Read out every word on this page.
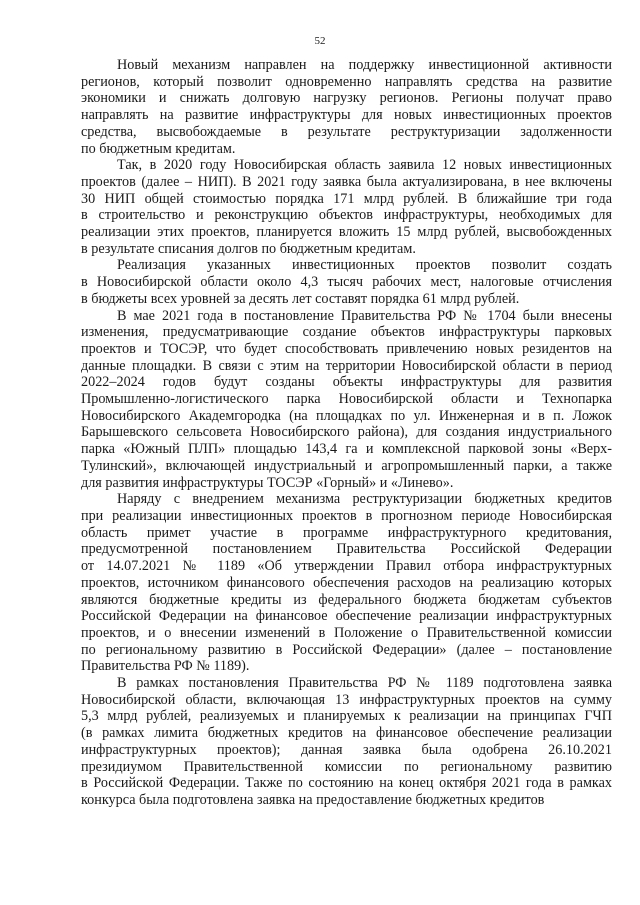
52
Новый механизм направлен на поддержку инвестиционной активности
регионов, который позволит одновременно направлять средства на развитие
экономики и снижать долговую нагрузку регионов. Регионы получат право
направлять на развитие инфраструктуры для новых инвестиционных проектов
средства, высвобождаемые в результате реструктуризации задолженности
по бюджетным кредитам.
Так, в 2020 году Новосибирская область заявила 12 новых инвестиционных
проектов (далее – НИП). В 2021 году заявка была актуализирована, в нее включены
30 НИП общей стоимостью порядка 171 млрд рублей. В ближайшие три года
в строительство и реконструкцию объектов инфраструктуры, необходимых для
реализации этих проектов, планируется вложить 15 млрд рублей, высвобожденных
в результате списания долгов по бюджетным кредитам.
Реализация указанных инвестиционных проектов позволит создать
в Новосибирской области около 4,3 тысяч рабочих мест, налоговые отчисления
в бюджеты всех уровней за десять лет составят порядка 61 млрд рублей.
В мае 2021 года в постановление Правительства РФ № 1704 были внесены
изменения, предусматривающие создание объектов инфраструктуры парковых
проектов и ТОСЭР, что будет способствовать привлечению новых резидентов на
данные площадки. В связи с этим на территории Новосибирской области в период
2022–2024 годов будут созданы объекты инфраструктуры для развития
Промышленно-логистического парка Новосибирской области и Технопарка
Новосибирского Академгородка (на площадках по ул. Инженерная и в п. Ложок
Барышевского сельсовета Новосибирского района), для создания индустриального
парка «Южный ПЛП» площадью 143,4 га и комплексной парковой зоны «Верх-
Тулинский», включающей индустриальный и агропромышленный парки, а также
для развития инфраструктуры ТОСЭР «Горный» и «Линево».
Наряду с внедрением механизма реструктуризации бюджетных кредитов
при реализации инвестиционных проектов в прогнозном периоде Новосибирская
область примет участие в программе инфраструктурного кредитования,
предусмотренной постановлением Правительства Российской Федерации
от 14.07.2021 № 1189 «Об утверждении Правил отбора инфраструктурных
проектов, источником финансового обеспечения расходов на реализацию которых
являются бюджетные кредиты из федерального бюджета бюджетам субъектов
Российской Федерации на финансовое обеспечение реализации инфраструктурных
проектов, и о внесении изменений в Положение о Правительственной комиссии
по региональному развитию в Российской Федерации» (далее – постановление
Правительства РФ № 1189).
В рамках постановления Правительства РФ № 1189 подготовлена заявка
Новосибирской области, включающая 13 инфраструктурных проектов на сумму
5,3 млрд рублей, реализуемых и планируемых к реализации на принципах ГЧП
(в рамках лимита бюджетных кредитов на финансовое обеспечение реализации
инфраструктурных проектов); данная заявка была одобрена 26.10.2021
президиумом Правительственной комиссии по региональному развитию
в Российской Федерации. Также по состоянию на конец октября 2021 года в рамках
конкурса была подготовлена заявка на предоставление бюджетных кредитов
